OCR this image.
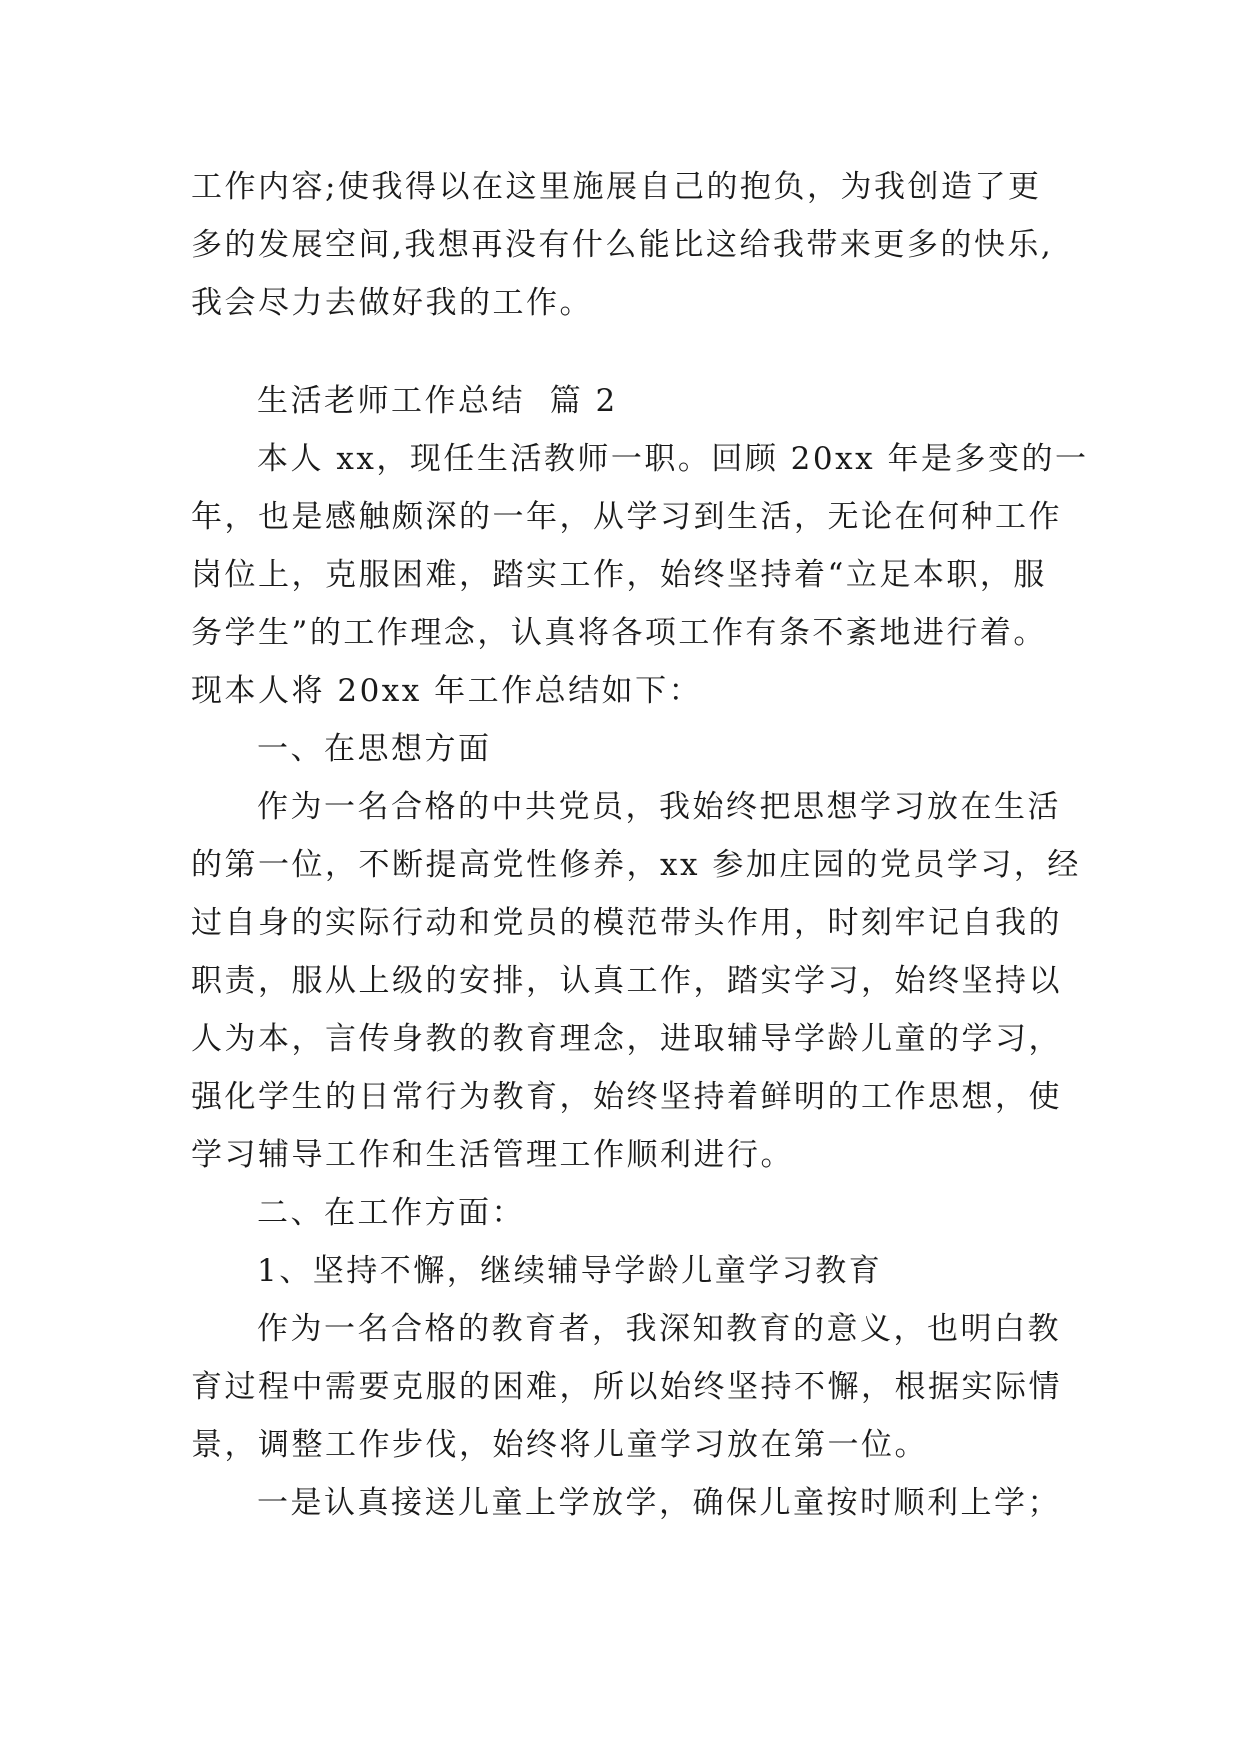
工作内容;使我得以在这里施展自己的抱负，为我创造了更
多的发展空间,我想再没有什么能比这给我带来更多的快乐,
我会尽力去做好我的工作。
生活老师工作总结  篇 2
本人 xx，现任生活教师一职。回顾 20xx 年是多变的一
年，也是感触颇深的一年，从学习到生活，无论在何种工作
岗位上，克服困难，踏实工作，始终坚持着“立足本职，服
务学生”的工作理念，认真将各项工作有条不紊地进行着。
现本人将 20xx 年工作总结如下：
一、在思想方面
作为一名合格的中共党员，我始终把思想学习放在生活
的第一位，不断提高党性修养，xx 参加庄园的党员学习，经
过自身的实际行动和党员的模范带头作用，时刻牢记自我的
职责，服从上级的安排，认真工作，踏实学习，始终坚持以
人为本，言传身教的教育理念，进取辅导学龄儿童的学习，
强化学生的日常行为教育，始终坚持着鲜明的工作思想，使
学习辅导工作和生活管理工作顺利进行。
二、在工作方面：
1、坚持不懈，继续辅导学龄儿童学习教育
作为一名合格的教育者，我深知教育的意义，也明白教
育过程中需要克服的困难，所以始终坚持不懈，根据实际情
景，调整工作步伐，始终将儿童学习放在第一位。
一是认真接送儿童上学放学，确保儿童按时顺利上学；
